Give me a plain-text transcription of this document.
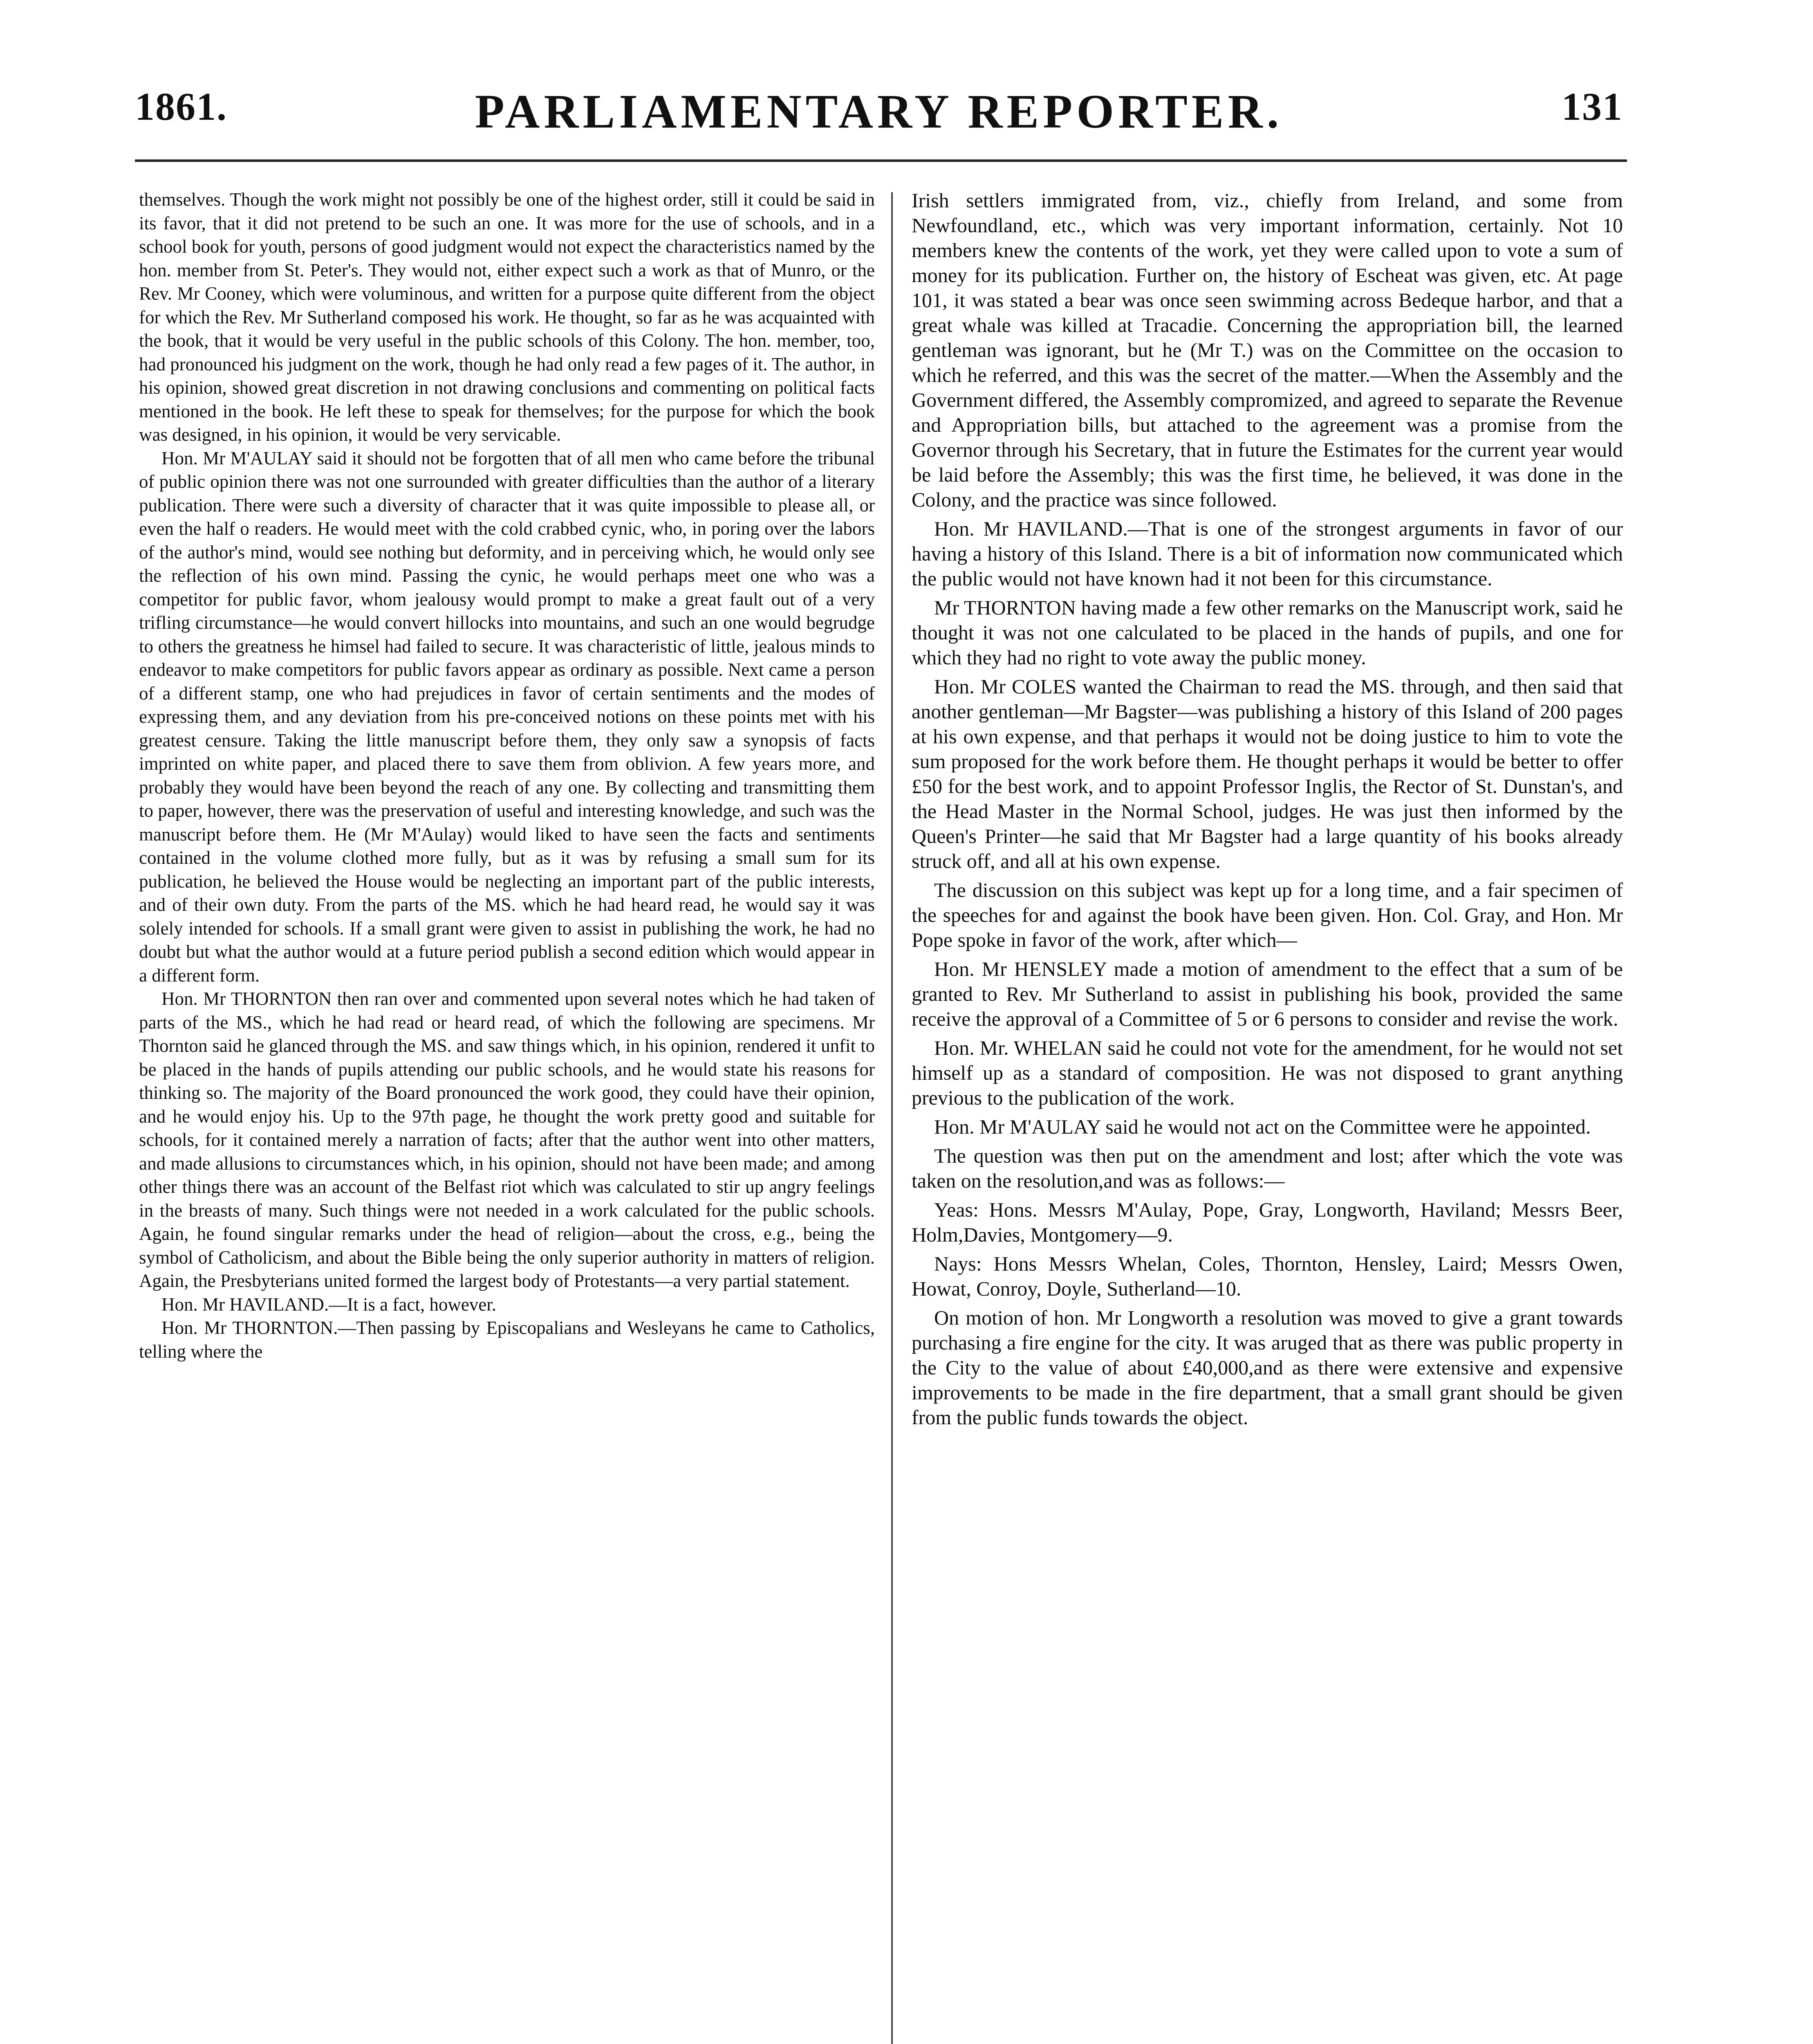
1861.	PARLIAMENTARY REPORTER.	131

themselves. Though the work might not possibly be one of the highest order, still it could be said in its favor, that it did not pretend to be such an one. It was more for the use of schools, and in a school book for youth, persons of good judgment would not expect the characteristics named by the hon. member from St. Peter's. They would not, either expect such a work as that of Munro, or the Rev. Mr Cooney, which were voluminous, and written for a purpose quite different from the object for which the Rev. Mr Sutherland composed his work. He thought, so far as he was acquainted with the book, that it would be very useful in the public schools of this Colony. The hon. member, too, had pronounced his judgment on the work, though he had only read a few pages of it. The author, in his opinion, showed great discretion in not drawing conclusions and commenting on political facts mentioned in the book. He left these to speak for themselves; for the purpose for which the book was designed, in his opinion, it would be very servicable.

Hon. Mr M'AULAY said it should not be forgotten that of all men who came before the tribunal of public opinion there was not one surrounded with greater difficulties than the author of a literary publication. There were such a diversity of character that it was quite impossible to please all, or even the half o readers. He would meet with the cold crabbed cynic, who, in poring over the labors of the author's mind, would see nothing but deformity, and in perceiving which, he would only see the reflection of his own mind. Passing the cynic, he would perhaps meet one who was a competitor for public favor, whom jealousy would prompt to make a great fault out of a very trifling circumstance—he would convert hillocks into mountains, and such an one would begrudge to others the greatness he himsel had failed to secure. It was characteristic of little, jealous minds to endeavor to make competitors for public favors appear as ordinary as possible. Next came a person of a different stamp, one who had prejudices in favor of certain sentiments and the modes of expressing them, and any deviation from his pre-conceived notions on these points met with his greatest censure. Taking the little manuscript before them, they only saw a synopsis of facts imprinted on white paper, and placed there to save them from oblivion. A few years more, and probably they would have been beyond the reach of any one. By collecting and transmitting them to paper, however, there was the preservation of useful and interesting knowledge, and such was the manuscript before them. He (Mr M'Aulay) would liked to have seen the facts and sentiments contained in the volume clothed more fully, but as it was by refusing a small sum for its publication, he believed the House would be neglecting an important part of the public interests, and of their own duty. From the parts of the MS. which he had heard read, he would say it was solely intended for schools. If a small grant were given to assist in publishing the work, he had no doubt but what the author would at a future period publish a second edition which would appear in a different form.

Hon. Mr THORNTON then ran over and commented upon several notes which he had taken of parts of the MS., which he had read or heard read, of which the following are specimens. Mr Thornton said he glanced through the MS. and saw things which, in his opinion, rendered it unfit to be placed in the hands of pupils attending our public schools, and he would state his reasons for thinking so. The majority of the Board pronounced the work good, they could have their opinion, and he would enjoy his. Up to the 97th page, he thought the work pretty good and suitable for schools, for it contained merely a narration of facts; after that the author went into other matters, and made allusions to circumstances which, in his opinion, should not have been made; and among other things there was an account of the Belfast riot which was calculated to stir up angry feelings in the breasts of many. Such things were not needed in a work calculated for the public schools. Again, he found singular remarks under the head of religion—about the cross, e.g., being the symbol of Catholicism, and about the Bible being the only superior authority in matters of religion. Again, the Presbyterians united formed the largest body of Protestants—a very partial statement.

Hon. Mr HAVILAND.—It is a fact, however.

Hon. Mr THORNTON.—Then passing by Episcopalians and Wesleyans he came to Catholics, telling where the

Irish settlers immigrated from, viz., chiefly from Ireland, and some from Newfoundland, etc., which was very important information, certainly. Not 10 members knew the contents of the work, yet they were called upon to vote a sum of money for its publication. Further on, the history of Escheat was given, etc. At page 101, it was stated a bear was once seen swimming across Bedeque harbor, and that a great whale was killed at Tracadie. Concerning the appropriation bill, the learned gentleman was ignorant, but he (Mr T.) was on the Committee on the occasion to which he referred, and this was the secret of the matter.—When the Assembly and the Government differed, the Assembly compromized, and agreed to separate the Revenue and Appropriation bills, but attached to the agreement was a promise from the Governor through his Secretary, that in future the Estimates for the current year would be laid before the Assembly; this was the first time, he believed, it was done in the Colony, and the practice was since followed.

Hon. Mr HAVILAND.—That is one of the strongest arguments in favor of our having a history of this Island. There is a bit of information now communicated which the public would not have known had it not been for this circumstance.

Mr THORNTON having made a few other remarks on the Manuscript work, said he thought it was not one calculated to be placed in the hands of pupils, and one for which they had no right to vote away the public money.

Hon. Mr COLES wanted the Chairman to read the MS. through, and then said that another gentleman—Mr Bagster—was publishing a history of this Island of 200 pages at his own expense, and that perhaps it would not be doing justice to him to vote the sum proposed for the work before them. He thought perhaps it would be better to offer £50 for the best work, and to appoint Professor Inglis, the Rector of St. Dunstan's, and the Head Master in the Normal School, judges. He was just then informed by the Queen's Printer—he said that Mr Bagster had a large quantity of his books already struck off, and all at his own expense.

The discussion on this subject was kept up for a long time, and a fair specimen of the speeches for and against the book have been given. Hon. Col. Gray, and Hon. Mr Pope spoke in favor of the work, after which—

Hon. Mr HENSLEY made a motion of amendment to the effect that a sum of be granted to Rev. Mr Sutherland to assist in publishing his book, provided the same receive the approval of a Committee of 5 or 6 persons to consider and revise the work.

Hon. Mr. WHELAN said he could not vote for the amendment, for he would not set himself up as a standard of composition. He was not disposed to grant anything previous to the publication of the work.

Hon. Mr M'AULAY said he would not act on the Committee were he appointed.

The question was then put on the amendment and lost; after which the vote was taken on the resolution,and was as follows:—

Yeas: Hons. Messrs M'Aulay, Pope, Gray, Longworth, Haviland; Messrs Beer, Holm,Davies, Montgomery—9.

Nays: Hons Messrs Whelan, Coles, Thornton, Hensley, Laird; Messrs Owen, Howat, Conroy, Doyle, Sutherland—10.

On motion of hon. Mr Longworth a resolution was moved to give a grant towards purchasing a fire engine for the city. It was aruged that as there was public property in the City to the value of about £40,000,and as there were extensive and expensive improvements to be made in the fire department, that a small grant should be given from the public funds towards the object.
